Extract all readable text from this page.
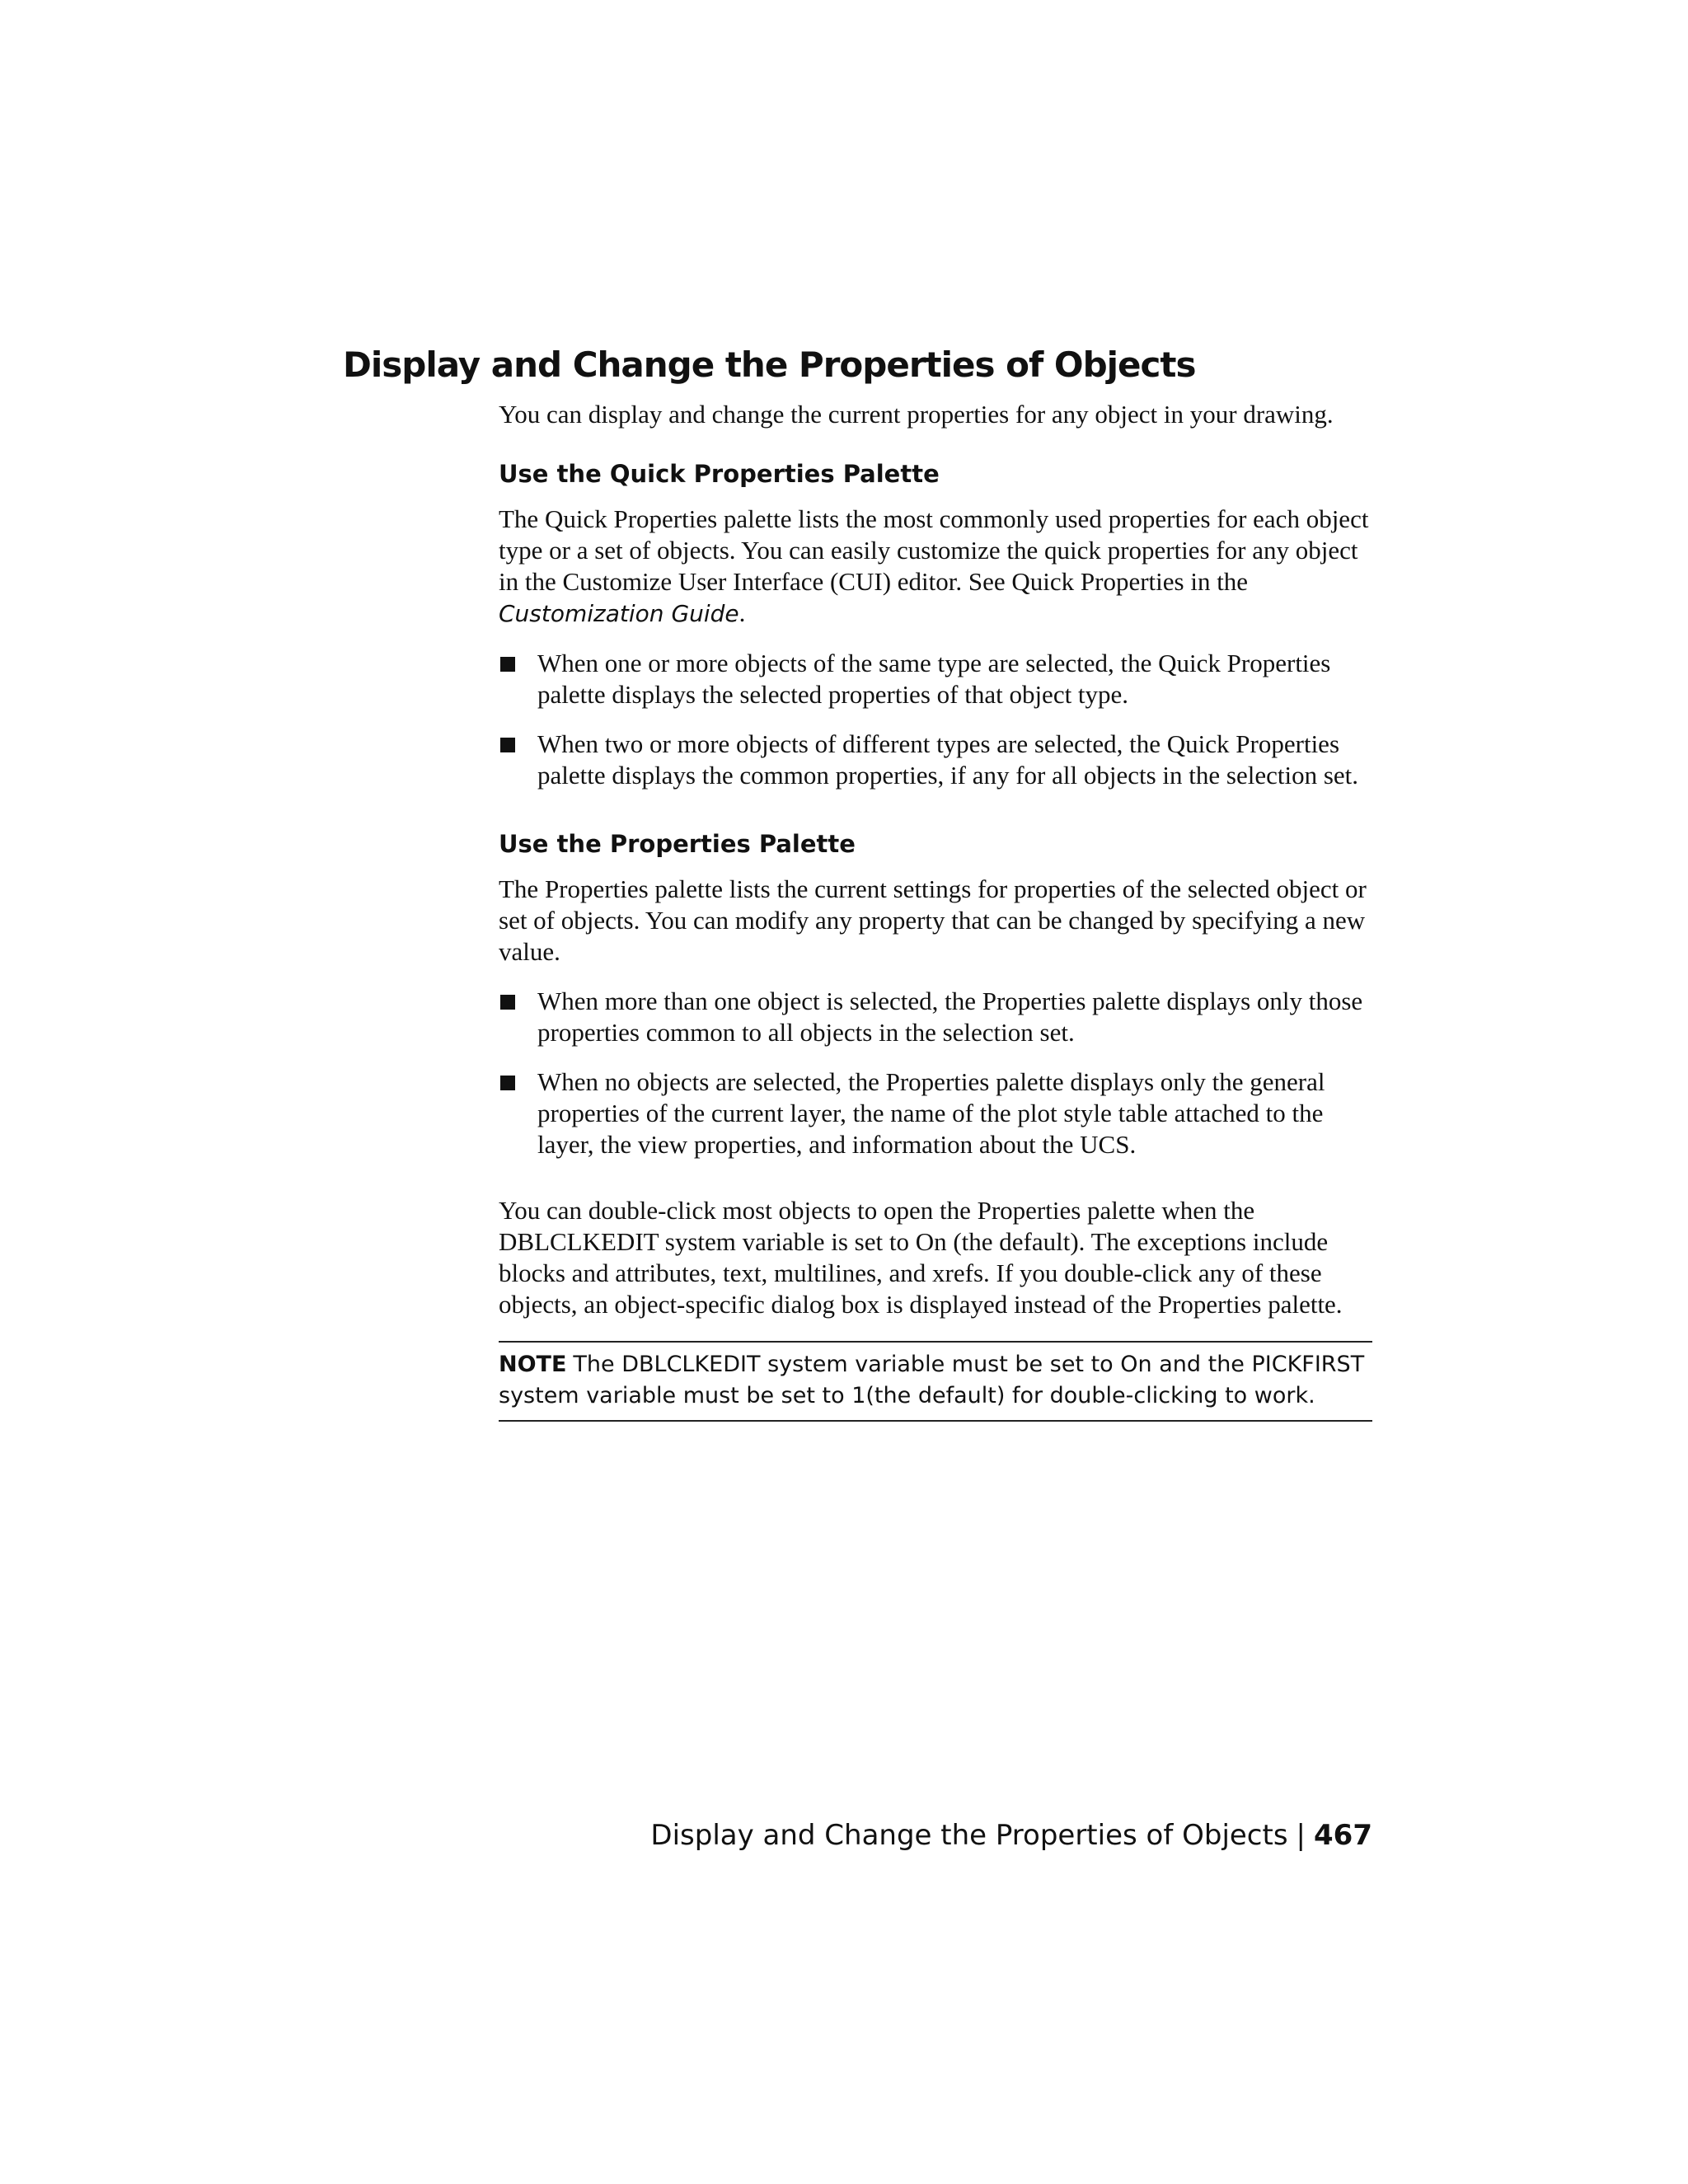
Display and Change the Properties of Objects

You can display and change the current properties for any object in your drawing.

Use the Quick Properties Palette

The Quick Properties palette lists the most commonly used properties for each object type or a set of objects. You can easily customize the quick properties for any object in the Customize User Interface (CUI) editor. See Quick Properties in the Customization Guide.

When one or more objects of the same type are selected, the Quick Properties palette displays the selected properties of that object type.
When two or more objects of different types are selected, the Quick Properties palette displays the common properties, if any for all objects in the selection set.
Use the Properties Palette

The Properties palette lists the current settings for properties of the selected object or set of objects. You can modify any property that can be changed by specifying a new value.

When more than one object is selected, the Properties palette displays only those properties common to all objects in the selection set.
When no objects are selected, the Properties palette displays only the general properties of the current layer, the name of the plot style table attached to the layer, the view properties, and information about the UCS.

You can double-click most objects to open the Properties palette when the DBLCLKEDIT system variable is set to On (the default). The exceptions include blocks and attributes, text, multilines, and xrefs. If you double-click any of these objects, an object-specific dialog box is displayed instead of the Properties palette.

NOTE The DBLCLKEDIT system variable must be set to On and the PICKFIRST system variable must be set to 1(the default) for double-clicking to work.
Display and Change the Properties of Objects | 467
